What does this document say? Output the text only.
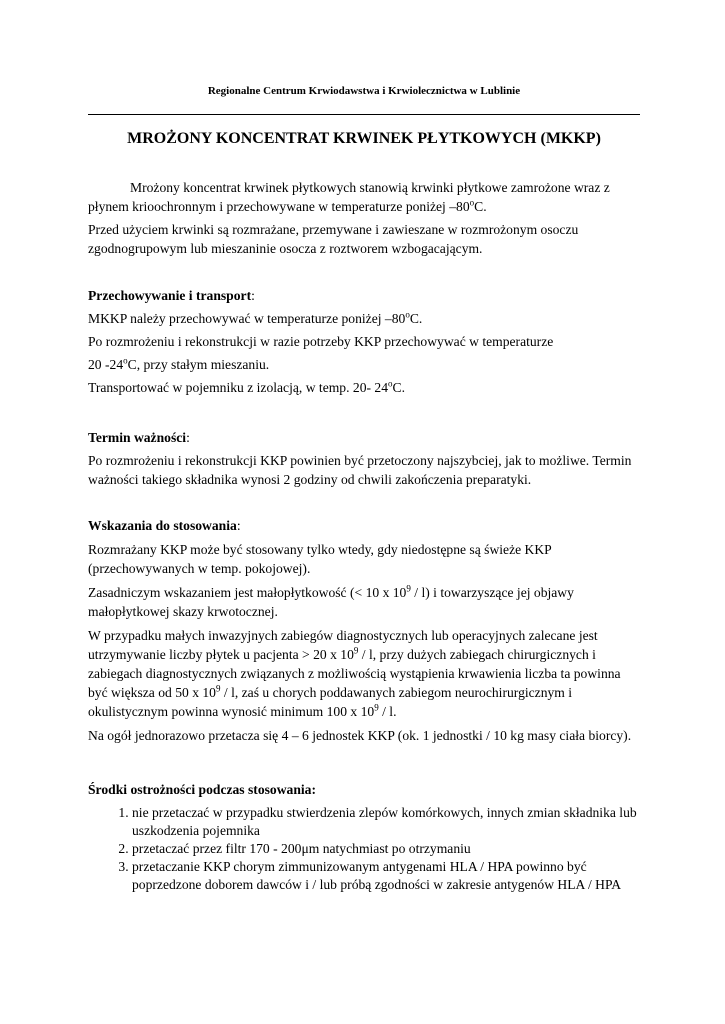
Regionalne Centrum Krwiodawstwa i Krwiolecznictwa w Lublinie
MROŻONY KONCENTRAT KRWINEK PŁYTKOWYCH (MKKP)
Mrożony koncentrat krwinek płytkowych stanowią krwinki płytkowe zamrożone wraz z płynem krioochronnym i przechowywane w temperaturze poniżej –80$^o$C.
Przed użyciem krwinki są rozmrażane, przemywane i zawieszane w rozmrożonym osoczu zgodnogrupowym lub mieszaninie osocza z roztworem wzbogacającym.
Przechowywanie i transport:
MKKP należy przechowywać w temperaturze poniżej –80$^o$C.
Po rozmrożeniu i rekonstrukcji w razie potrzeby KKP przechowywać w temperaturze
20 -24$^o$C, przy stałym mieszaniu.
Transportować w pojemniku z izolacją, w temp. 20- 24$^o$C.
Termin ważności:
Po rozmrożeniu i rekonstrukcji KKP powinien być przetoczony najszybciej, jak to możliwe. Termin ważności takiego składnika wynosi 2 godziny od chwili zakończenia preparatyki.
Wskazania do stosowania:
Rozmrażany KKP może być stosowany tylko wtedy, gdy niedostępne są świeże KKP (przechowywanych w temp. pokojowej).
Zasadniczym wskazaniem jest małopłytkowość (< 10 x $10^9 / l$) i towarzyszące jej objawy małopłytkowej skazy krwotocznej.
W przypadku małych inwazyjnych zabiegów diagnostycznych lub operacyjnych zalecane jest utrzymywanie liczby płytek u pacjenta > 20 x $10^9$ / l, przy dużych zabiegach chirurgicznych i zabiegach diagnostycznych związanych z możliwością wystąpienia krwawienia liczba ta powinna być większa od 50 x $10^9$ / l, zaś u chorych poddawanych zabiegom neurochirurgicznym i okulistycznym powinna wynosić minimum 100 x $10^9$ / l.
Na ogół jednorazowo przetacza się 4 – 6 jednostek KKP (ok. 1 jednostki / 10 kg masy ciała biorcy).
Środki ostrożności podczas stosowania:
1. nie przetaczać w przypadku stwierdzenia zlepów komórkowych, innych zmian składnika lub uszkodzenia pojemnika
2. przetaczać przez filtr 170 - 200μm natychmiast po otrzymaniu
3. przetaczanie KKP chorym zimmunizowanym antygenami HLA / HPA powinno być poprzedzone doborem dawców i / lub próbą zgodności w zakresie antygenów HLA / HPA
